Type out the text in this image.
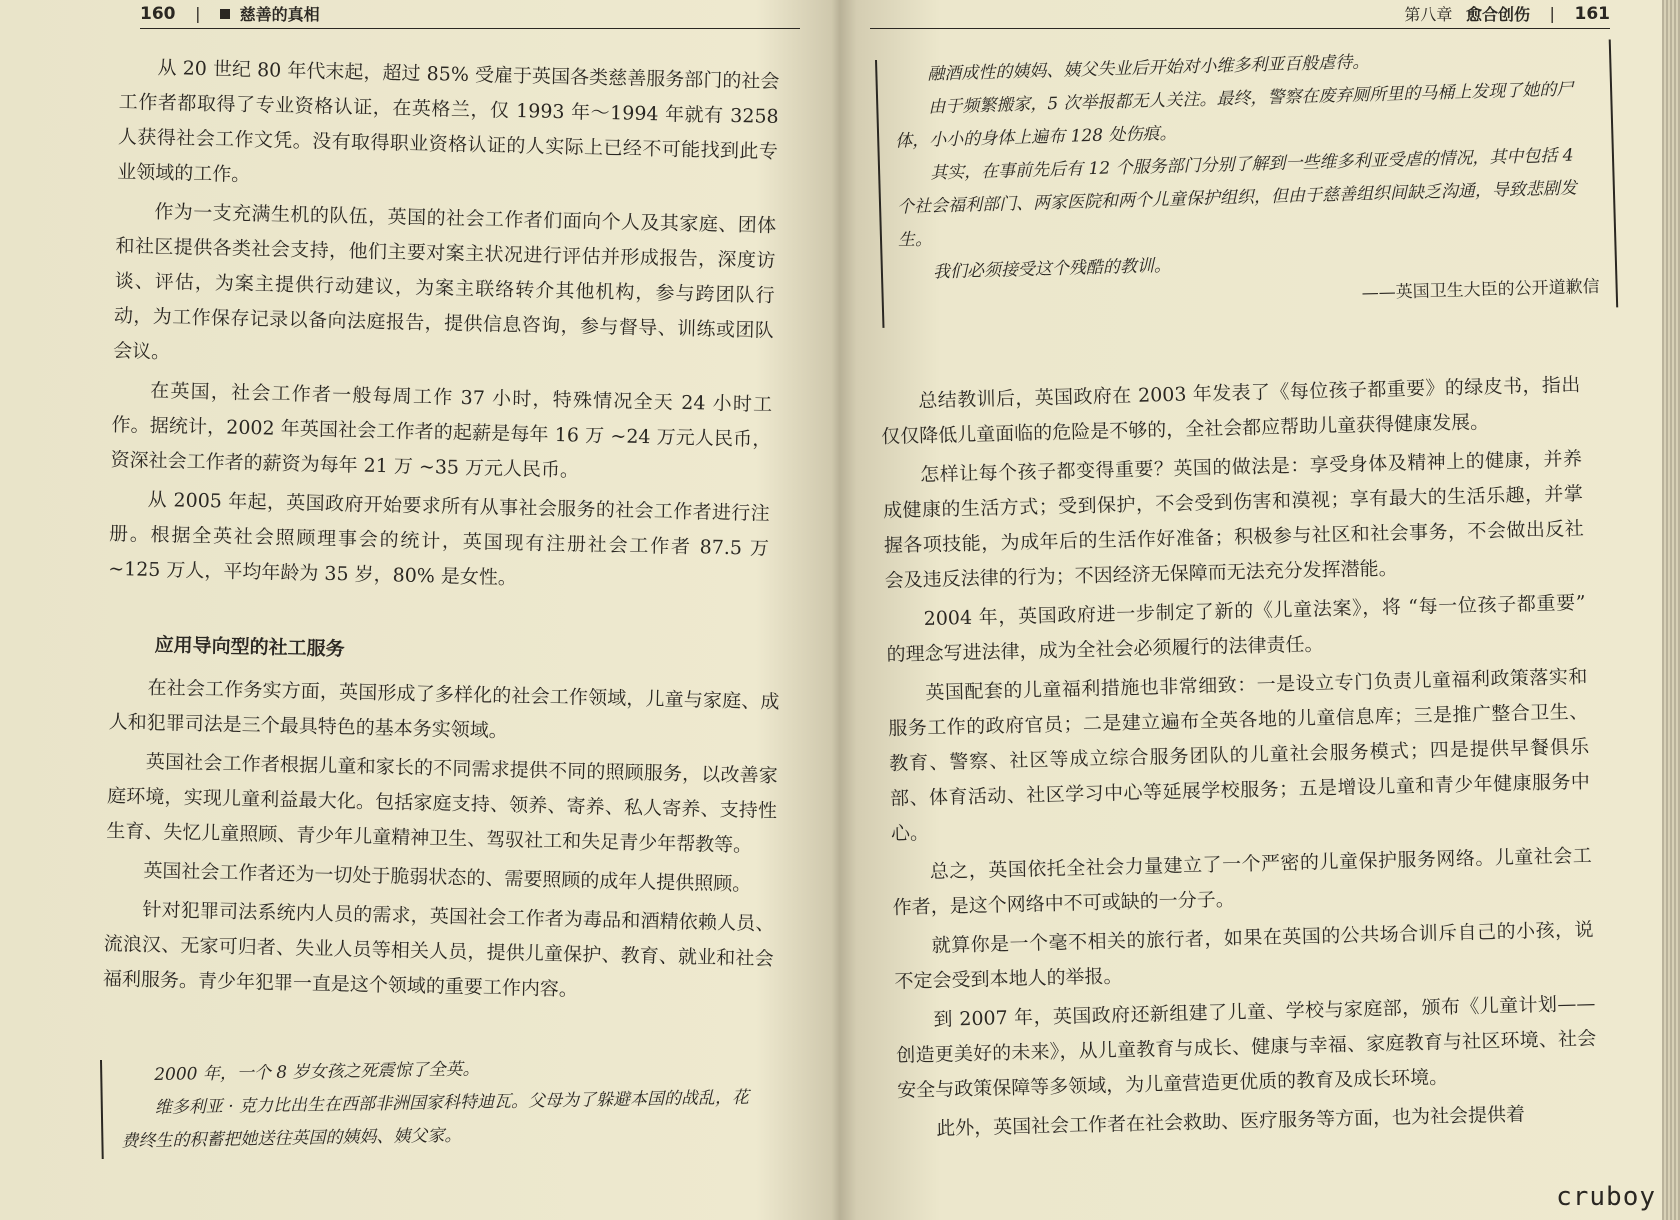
160 | 慈善的真相

从 20 世纪 80 年代末起，超过 85% 受雇于英国各类慈善服务部门的社会工作者都取得了专业资格认证，在英格兰，仅 1993 年～1994 年就有 3258 人获得社会工作文凭。没有取得职业资格认证的人实际上已经不可能找到此专业领域的工作。

作为一支充满生机的队伍，英国的社会工作者们面向个人及其家庭、团体和社区提供各类社会支持，他们主要对案主状况进行评估并形成报告，深度访谈、评估，为案主提供行动建议，为案主联络转介其他机构，参与跨团队行动，为工作保存记录以备向法庭报告，提供信息咨询，参与督导、训练或团队会议。

在英国，社会工作者一般每周工作 37 小时，特殊情况全天 24 小时工作。据统计，2002 年英国社会工作者的起薪是每年 16 万 ~24 万元人民币，资深社会工作者的薪资为每年 21 万 ~35 万元人民币。

从 2005 年起，英国政府开始要求所有从事社会服务的社会工作者进行注册。根据全英社会照顾理事会的统计，英国现有注册社会工作者 87.5 万 ~125 万人，平均年龄为 35 岁，80% 是女性。

应用导向型的社工服务

在社会工作务实方面，英国形成了多样化的社会工作领域，儿童与家庭、成人和犯罪司法是三个最具特色的基本务实领域。

英国社会工作者根据儿童和家长的不同需求提供不同的照顾服务，以改善家庭环境，实现儿童利益最大化。包括家庭支持、领养、寄养、私人寄养、支持性生育、失忆儿童照顾、青少年儿童精神卫生、驾驭社工和失足青少年帮教等。

英国社会工作者还为一切处于脆弱状态的、需要照顾的成年人提供照顾。

针对犯罪司法系统内人员的需求，英国社会工作者为毒品和酒精依赖人员、流浪汉、无家可归者、失业人员等相关人员，提供儿童保护、教育、就业和社会福利服务。青少年犯罪一直是这个领域的重要工作内容。

2000 年，一个 8 岁女孩之死震惊了全英。

维多利亚 · 克力比出生在西部非洲国家科特迪瓦。父母为了躲避本国的战乱，花费终生的积蓄把她送往英国的姨妈、姨父家。

第八章 愈合创伤 | 161

融酒成性的姨妈、姨父失业后开始对小维多利亚百般虐待。

由于频繁搬家，5 次举报都无人关注。最终，警察在废弃厕所里的马桶上发现了她的尸体，小小的身体上遍布 128 处伤痕。

其实，在事前先后有 12 个服务部门分别了解到一些维多利亚受虐的情况，其中包括 4 个社会福利部门、两家医院和两个儿童保护组织，但由于慈善组织间缺乏沟通，导致悲剧发生。

我们必须接受这个残酷的教训。

——英国卫生大臣的公开道歉信

总结教训后，英国政府在 2003 年发表了《每位孩子都重要》的绿皮书，指出仅仅降低儿童面临的危险是不够的，全社会都应帮助儿童获得健康发展。

怎样让每个孩子都变得重要？英国的做法是：享受身体及精神上的健康，并养成健康的生活方式；受到保护，不会受到伤害和漠视；享有最大的生活乐趣，并掌握各项技能，为成年后的生活作好准备；积极参与社区和社会事务，不会做出反社会及违反法律的行为；不因经济无保障而无法充分发挥潜能。

2004 年，英国政府进一步制定了新的《儿童法案》，将 “每一位孩子都重要” 的理念写进法律，成为全社会必须履行的法律责任。

英国配套的儿童福利措施也非常细致：一是设立专门负责儿童福利政策落实和服务工作的政府官员；二是建立遍布全英各地的儿童信息库；三是推广整合卫生、教育、警察、社区等成立综合服务团队的儿童社会服务模式；四是提供早餐俱乐部、体育活动、社区学习中心等延展学校服务；五是增设儿童和青少年健康服务中心。

总之，英国依托全社会力量建立了一个严密的儿童保护服务网络。儿童社会工作者，是这个网络中不可或缺的一分子。

就算你是一个毫不相关的旅行者，如果在英国的公共场合训斥自己的小孩，说不定会受到本地人的举报。

到 2007 年，英国政府还新组建了儿童、学校与家庭部，颁布《儿童计划——创造更美好的未来》，从儿童教育与成长、健康与幸福、家庭教育与社区环境、社会安全与政策保障等多领域，为儿童营造更优质的教育及成长环境。

此外，英国社会工作者在社会救助、医疗服务等方面，也为社会提供着

cruboy
